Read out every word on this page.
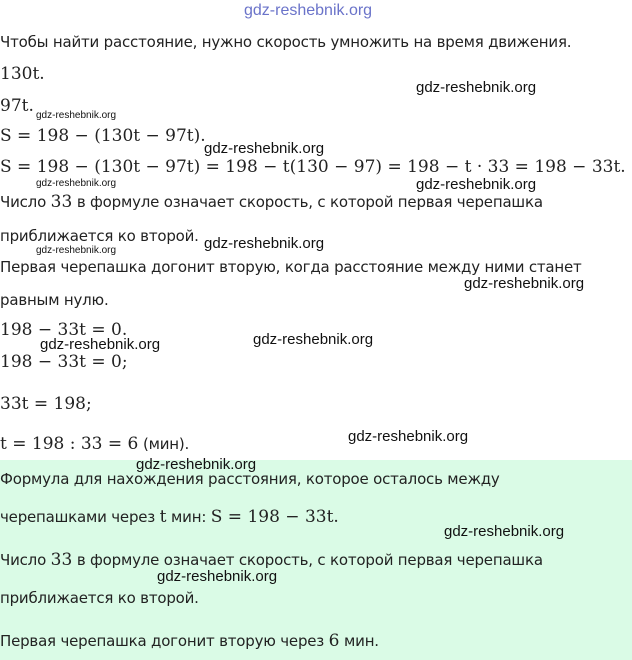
gdz-reshebnik.org
Чтобы найти расстояние, нужно скорость умножить на время движения.
130t.
97t.
S = 198 − (130t − 97t).
S = 198 − (130t − 97t) = 198 − t(130 − 97) = 198 − t · 33 = 198 − 33t.
Число 33 в формуле означает скорость, с которой первая черепашка
приближается ко второй.
Первая черепашка догонит вторую, когда расстояние между ними станет
равным нулю.
198 − 33t = 0.
198 − 33t = 0;
33t = 198;
t = 198 : 33 = 6 (мин).
Формула для нахождения расстояния, которое осталось между
черепашками через t мин: S = 198 − 33t.
Число 33 в формуле означает скорость, с которой первая черепашка
приближается ко второй.
Первая черепашка догонит вторую через 6 мин.
gdz-reshebnik.org
gdz-reshebnik.org
gdz-reshebnik.org
gdz-reshebnik.org	gdz-reshebnik.org
gdz-reshebnik.org
gdz-reshebnik.org
gdz-reshebnik.org
gdz-reshebnik.org	gdz-reshebnik.org
gdz-reshebnik.org
gdz-reshebnik.org
gdz-reshebnik.org
gdz-reshebnik.org
